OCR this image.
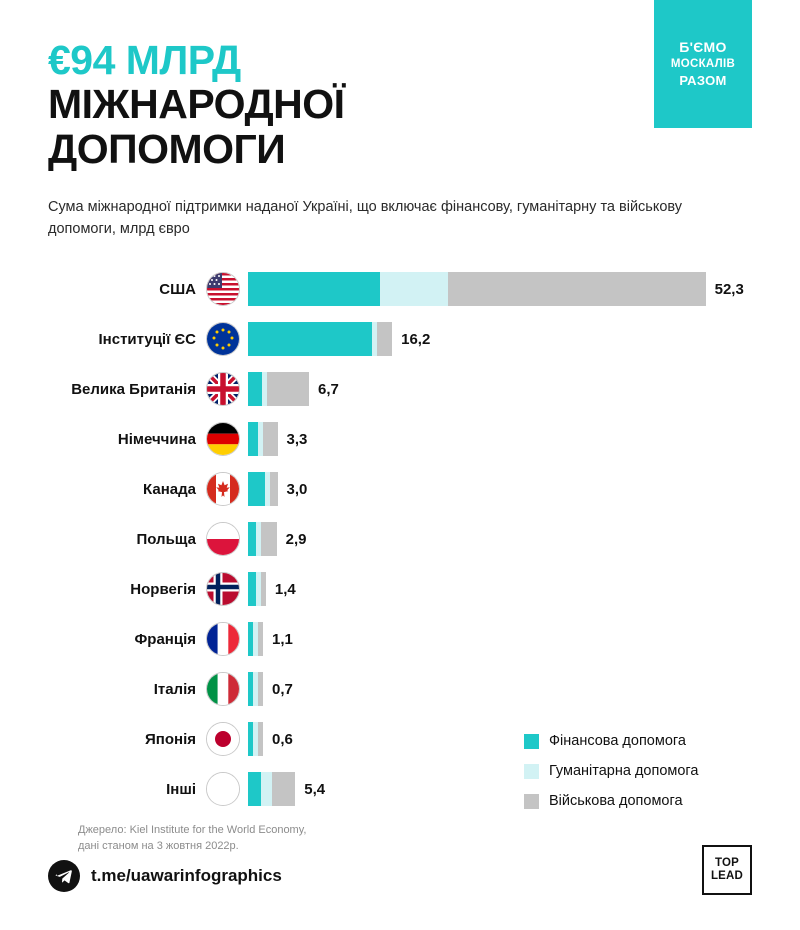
€94 МЛРД
МІЖНАРОДНОЇ
ДОПОМОГИ
Б'ЄМО
МОСКАЛІВ
РАЗОМ
Сума міжнародної підтримки наданої Україні, що включає фінансову, гуманітарну та військову допомоги, млрд євро
США	52,3
Інституції ЄС	16,2
Велика Британія	6,7
Німеччина	3,3
Канада	3,0
Польща	2,9
Норвегія	1,4
Франція	1,1
Італія	0,7
Японія	0,6
Інші	5,4
Фінансова допомога
Гуманітарна допомога
Військова допомога
Джерело: Kiel Institute for the World Economy,
дані станом на 3 жовтня 2022р.
t.me/uawarinfographics
TOP
LEAD
